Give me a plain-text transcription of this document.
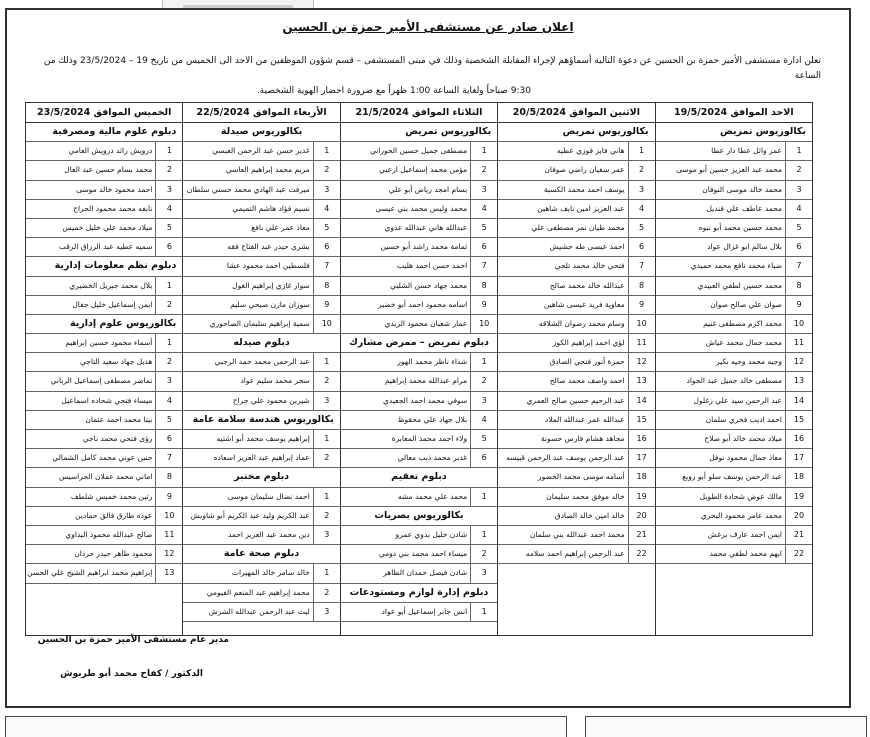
اعلان صادر عن مستشفى الأمير حمزة بن الحسين
تعلن ادارة مستشفى الأمير حمزة بن الحسين عن دعوة التالية أسماؤهم لإجراء المقابلة الشخصية وذلك في مبنى المستشفى – قسم شؤون الموظفين من الاحد الى الخميس من تاريخ 19 – 23/5/2024 وذلك من الساعة
9:30 صباحاً ولغاية الساعة 1:00 ظهراً مع ضرورة احضار الهوية الشخصية.
الاحد الموافق 19/5/2024
بكالوريوس تمريض
1
عمر وائل عطا دار عطا
2
محمد عبد العزيز حسين أبو موسى
3
محمد خالد موسى النوفان
4
محمد عاطف علي قنديل
5
محمد حسين محمد أبو نبوه
6
بلال سالم ابو غزال عواد
7
ضياء محمد نافع محمد حميدي
8
محمد حسين لطفي العبيدي
9
صوان علي صالح صوان
10
محمد اكرم مصطفى غنيم
11
محمد جمال محمد عياش
12
وجيه محمد وجيه بكير
13
مصطفى خالد جميل عبد الجواد
14
عبد الرحمن سيد علي زغلول
15
احمد اديب فخري سلمان
16
ميلاد محمد خالد أبو صلاح
17
معاذ جمال محمود نوفل
18
عبد الرحمن يوسف سلو أبو زوبع
19
مالك عوض شحادة الطويل
20
محمد عامر محمود البحري
21
ايمن احمد عارف برغش
22
ايهم محمد لطفي محمد
الاثنين الموافق 20/5/2024
بكالوريوس تمريض
1
هاني فايز فوزي عطيه
2
عمر سفيان راضي صوفان
3
يوسف احمد محمد الكسبة
4
عبد العزيز امين نايف شاهين
5
محمد طيان نمر مصطفى علي
6
احمد عيسى طه حشيش
7
فتحي خالد محمد تلجي
8
عبدالله خالد محمد صالح
9
معاوية فريد عيسى شاهين
10
وسام محمد رضوان الشلاقه
11
لؤي احمد إبراهيم الكوز
12
حمزة أنور فتحي الصادق
13
احمد واصف محمد صالح
14
عبد الرحيم حسين صالح العمري
15
عبدالله عمر عبدالله الملاد
16
مجاهد هشام فارس حسونة
17
عبد الرحمن يوسف عبد الرحمن قبيسه
18
أسامه موسى محمد الخضور
19
خالد موفق محمد سليمان
20
خالد امين خالد الصادق
21
محمد احمد عبدالله بني سلمان
22
عبد الرحمن إبراهيم احمد سلامه
الثلاثاء الموافق 21/5/2024
بكالوريوس تمريض
1
مصطفى جميل حسين الحوراني
2
مؤمن محمد إسماعيل ازعبي
3
بسام امجد رياض أبو علي
4
محمد وليس محمد بني عيسى
5
عبدالله هاني عبدالله عدوي
6
ثمامة محمد راشد أبو حسين
7
احمد حسن احمد هليب
8
محمد جهاد حسن الشلبي
9
اسامه محمود احمد أبو خضير
10
عمار شعبان محمود الزيدي
دبلوم تمريض – ممرض مشارك
1
شذاء ناظر محمد الهور
2
مرام عبدالله محمد إبراهيم
3
سوفي محمد احمد الجعيدي
4
بلال جهاد علي محفوظ
5
ولاء احمد محمد المعابرة
6
غدير محمد ذيب معالي
دبلوم تعقيم
1
محمد علي محمد مشه
بكالوريوس بصريات
1
شادن خليل بدوي عمرو
2
ميساء احمد محمد بني دومي
3
شادن فيصل حمدان الظاهر
دبلوم إدارة لوازم ومستودعات
1
انس جابر إسماعيل أبو عواد
الأربعاء الموافق 22/5/2024
بكالوريوس صيدلة
1
غدير حسن عبد الرحمن العبسي
2
مريم محمد إبراهيم العاسي
3
ميرفت عبد الهادي محمد حسني سلطان
4
نسيم فؤاد هاشم التميمي
5
معاذ عمر علي نافع
6
بشرى حيدر عبد الفتاح فقه
7
فلسطين احمد محمود عشا
8
سوار غازي إبراهيم الغول
9
سوزان مازن صبحي سليم
10
سمية إبراهيم سليمان الصاحوري
دبلوم صيدله
1
عبد الرحمن محمد حمد الرجبي
2
سحر محمد سليم عواد
3
شيرين محمود علي جراح
بكالوريوس هندسة سلامة عامة
1
إبراهيم يوسف محمد أبو اشتيه
2
عماد إبراهيم عبد العزيز اسعاده
دبلوم مختبر
1
احمد نضال سليمان موسى
2
عبد الكريم وليد عبد الكريم أبو شاويش
3
دين محمد عبد العزيز احمد
دبلوم صحة عامة
1
خالد سامر خالد المهيرات
2
محمد إبراهيم عبد المنعم الفيومي
3
ليث عبد الرحمن عبدالله الشرش
الخميس الموافق 23/5/2024
دبلوم علوم مالية ومصرفية
1
درويش رائد درويش العامي
2
محمد بسام حسين عبد العال
3
احمد محمود خالد موسى
4
نايفه محمد محمود الجراح
5
ميلاد محمد علي خليل خميس
6
سميه عطيه عبد الرزاق الرقب
دبلوم نظم معلومات إدارية
1
بلال محمد جبريل الخضيري
2
ايمن إسماعيل خليل جفال
بكالوريوس علوم إدارية
1
أسماء محمود حسين إبراهيم
2
هديل جهاد سعيد التاجي
3
تماضر مصطفى إسماعيل الرياني
4
ميساء فتحي شحاده اسماعيل
5
بيتا محمد احمد عثمان
6
رؤى فتحي محمد ناجي
7
حنين عوني محمد كامل الشمالي
8
اماني محمد عملان الحراسيس
9
رتين محمد خميس شلطف
10
عوده طارق فالق حمادين
11
صالح عبدالله محمود البداوي
12
محمود طاهر حيدر حرذان
13
إبراهيم محمد ابراهيم الشيخ علي الحسن
مدير عام مستشفى الأمير حمزة بن الحسين
الدكتور / كفاح محمد أبو طربوش
